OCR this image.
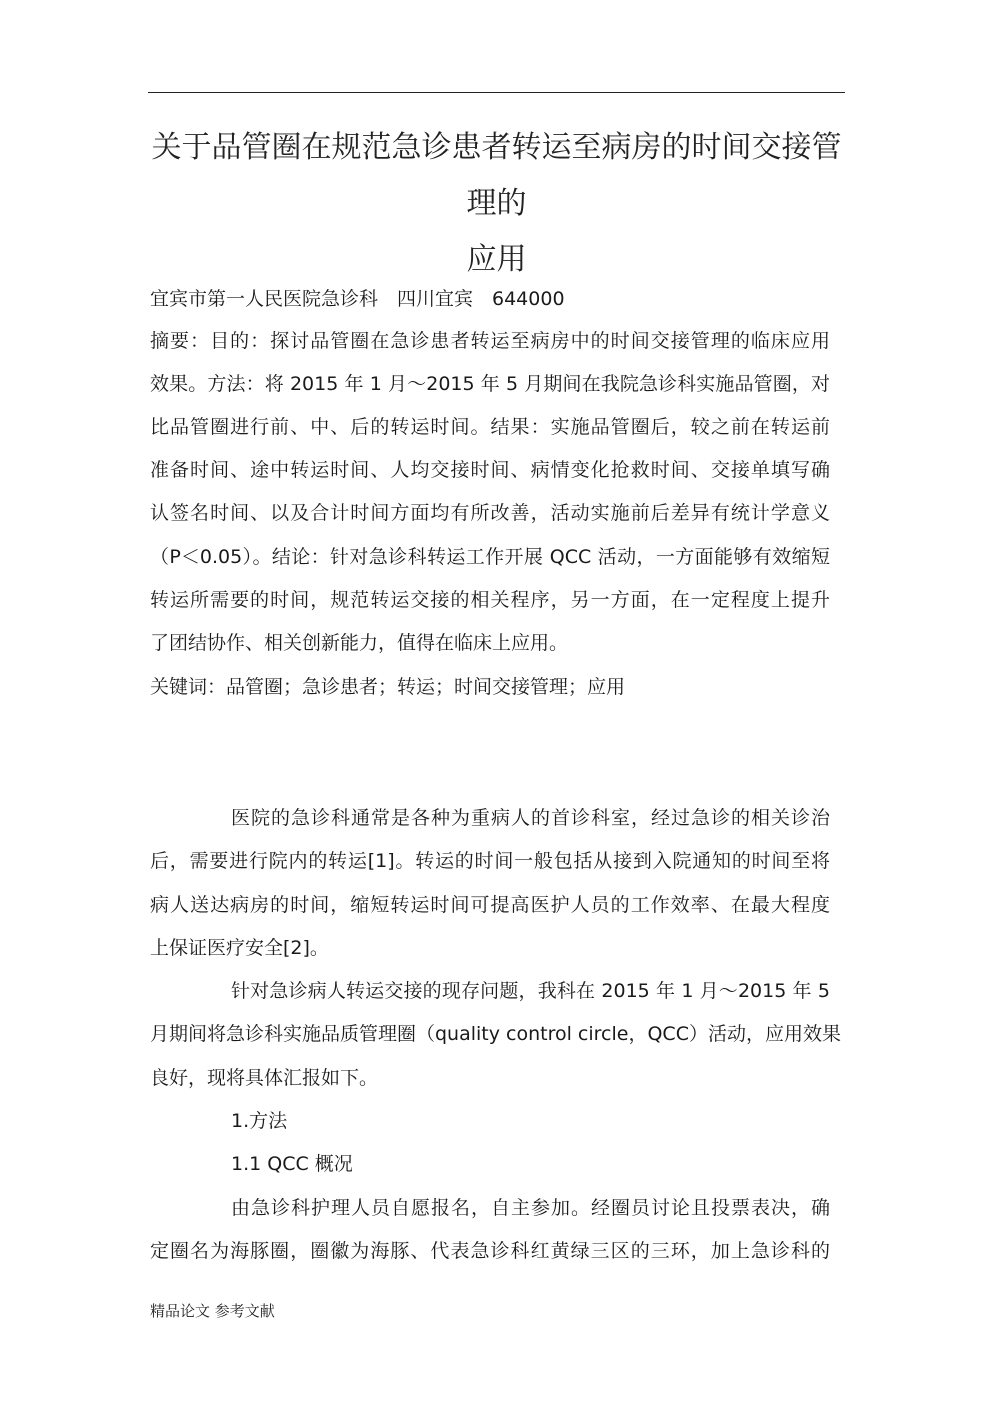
关于品管圈在规范急诊患者转运至病房的时间交接管理的
应用
宜宾市第一人民医院急诊科　四川宜宾　644000
摘要：目的：探讨品管圈在急诊患者转运至病房中的时间交接管理的临床应用
效果。方法：将 2015 年 1 月～2015 年 5 月期间在我院急诊科实施品管圈，对
比品管圈进行前、中、后的转运时间。结果：实施品管圈后，较之前在转运前
准备时间、途中转运时间、人均交接时间、病情变化抢救时间、交接单填写确
认签名时间、以及合计时间方面均有所改善，活动实施前后差异有统计学意义
（P＜0.05）。结论：针对急诊科转运工作开展 QCC 活动，一方面能够有效缩短
转运所需要的时间，规范转运交接的相关程序，另一方面，在一定程度上提升
了团结协作、相关创新能力，值得在临床上应用。
关键词：品管圈；急诊患者；转运；时间交接管理；应用
医院的急诊科通常是各种为重病人的首诊科室，经过急诊的相关诊治
后，需要进行院内的转运[1]。转运的时间一般包括从接到入院通知的时间至将
病人送达病房的时间，缩短转运时间可提高医护人员的工作效率、在最大程度
上保证医疗安全[2]。
针对急诊病人转运交接的现存问题，我科在 2015 年 1 月～2015 年 5
月期间将急诊科实施品质管理圈（quality control circle，QCC）活动，应用效果
良好，现将具体汇报如下。
1.方法
1.1 QCC 概况
由急诊科护理人员自愿报名，自主参加。经圈员讨论且投票表决，确
定圈名为海豚圈，圈徽为海豚、代表急诊科红黄绿三区的三环，加上急诊科的
精品论文 参考文献
